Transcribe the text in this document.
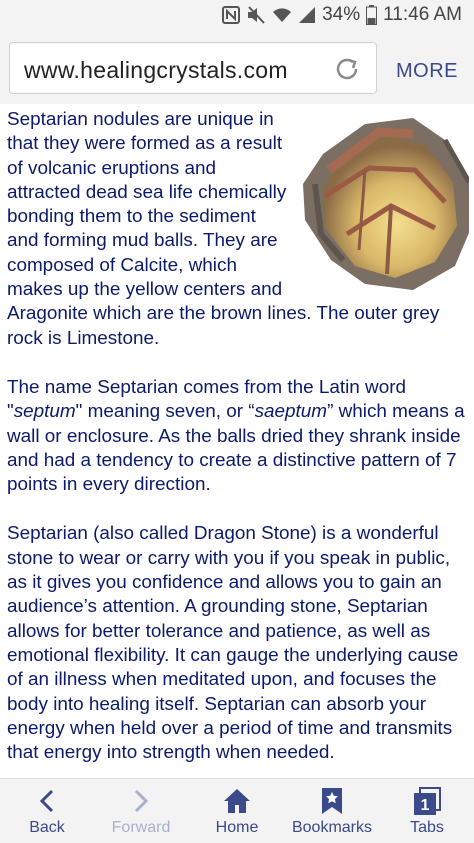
34% 11:46 AM
www.healingcrystals.com	MORE

Septarian nodules are unique in that they were formed as a result of volcanic eruptions and attracted dead sea life chemically bonding them to the sediment and forming mud balls. They are composed of Calcite, which makes up the yellow centers and Aragonite which are the brown lines. The outer grey rock is Limestone.

The name Septarian comes from the Latin word "septum" meaning seven, or “saeptum” which means a wall or enclosure. As the balls dried they shrank inside and had a tendency to create a distinctive pattern of 7 points in every direction.

Septarian (also called Dragon Stone) is a wonderful stone to wear or carry with you if you speak in public, as it gives you confidence and allows you to gain an audience’s attention. A grounding stone, Septarian allows for better tolerance and patience, as well as emotional flexibility. It can gauge the underlying cause of an illness when meditated upon, and focuses the body into healing itself. Septarian can absorb your energy when held over a period of time and transmits that energy into strength when needed.

Back	Forward	Home	Bookmarks
1
Tabs
